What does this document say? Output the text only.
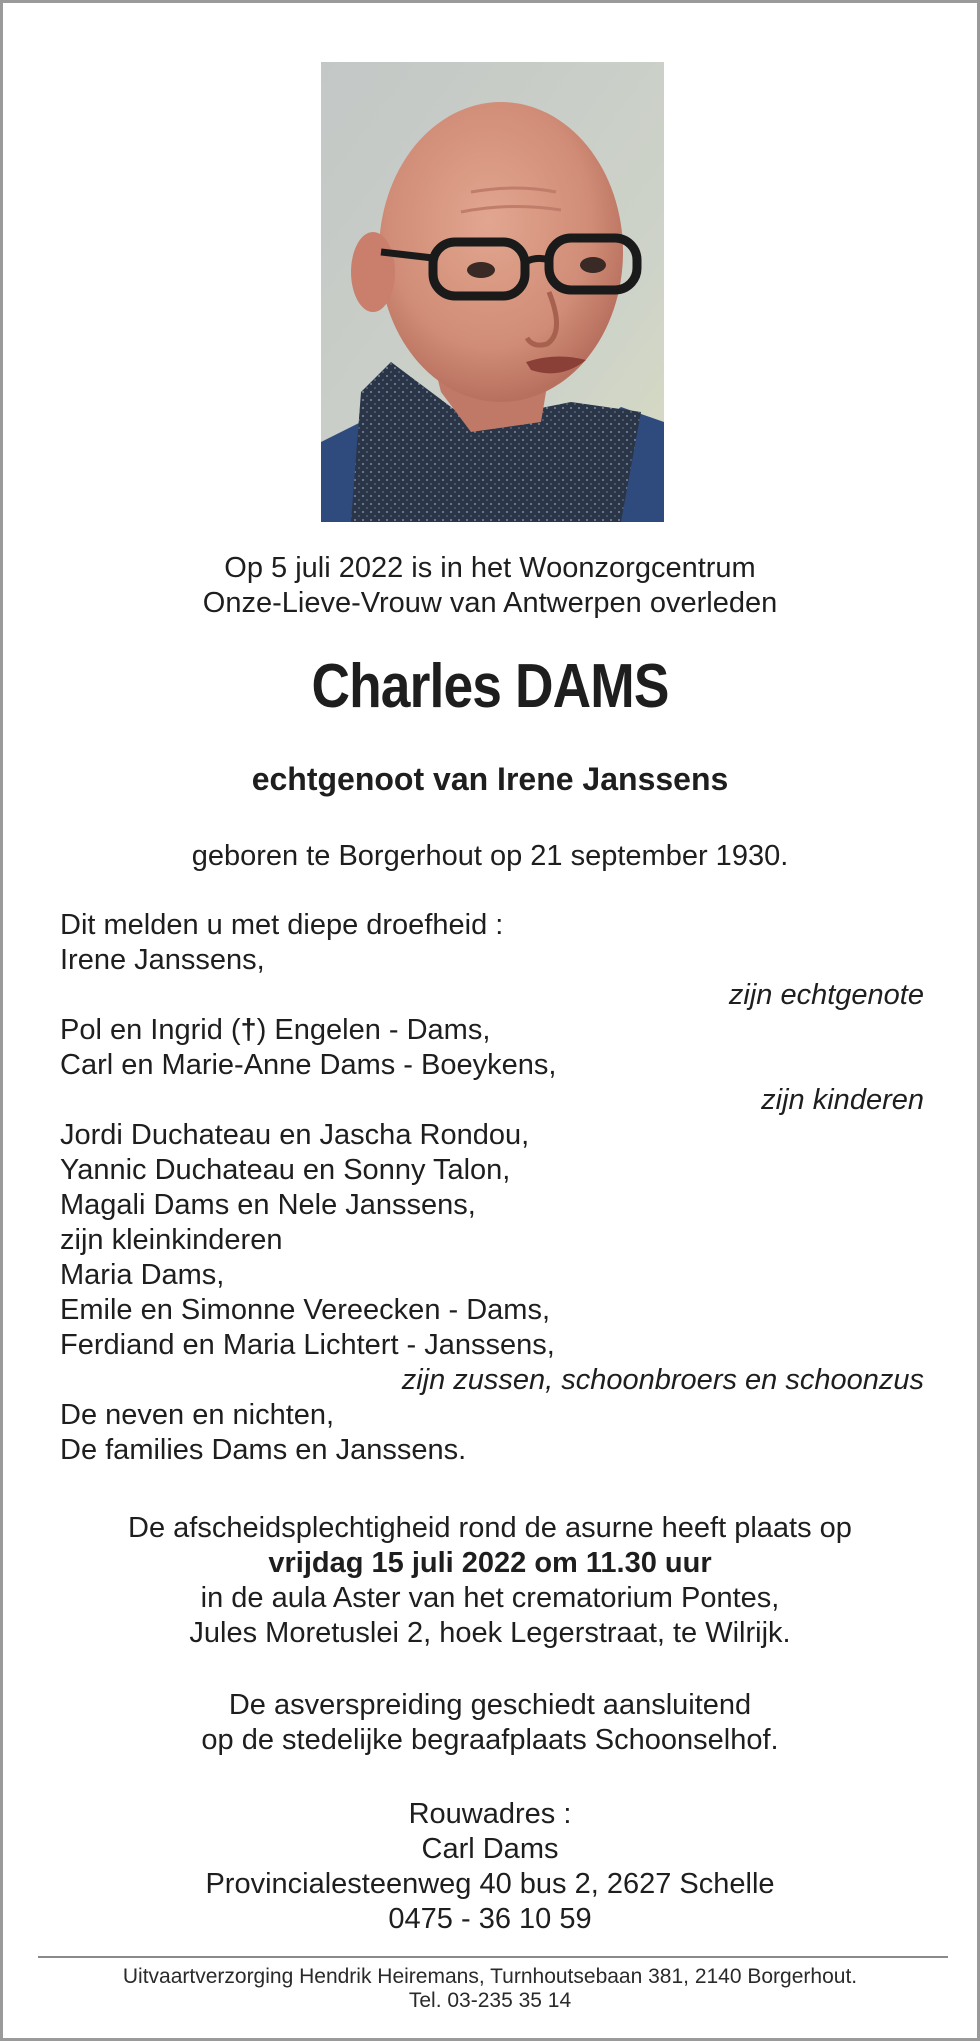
Op 5 juli 2022 is in het Woonzorgcentrum
Onze-Lieve-Vrouw van Antwerpen overleden
Charles DAMS
echtgenoot van Irene Janssens
geboren te Borgerhout op 21 september 1930.
Dit melden u met diepe droefheid :
Irene Janssens,
zijn echtgenote
Pol en Ingrid (†) Engelen - Dams,
Carl en Marie-Anne Dams - Boeykens,
zijn kinderen
Jordi Duchateau en Jascha Rondou,
Yannic Duchateau en Sonny Talon,
Magali Dams en Nele Janssens,
zijn kleinkinderen
Maria Dams,
Emile en Simonne Vereecken - Dams,
Ferdiand en Maria Lichtert - Janssens,
zijn zussen, schoonbroers en schoonzus
De neven en nichten,
De families Dams en Janssens.
De afscheidsplechtigheid rond de asurne heeft plaats op
vrijdag 15 juli 2022 om 11.30 uur
in de aula Aster van het crematorium Pontes,
Jules Moretuslei 2, hoek Legerstraat, te Wilrijk.
De asverspreiding geschiedt aansluitend
op de stedelijke begraafplaats Schoonselhof.
Rouwadres :
Carl Dams
Provincialesteenweg 40 bus 2, 2627 Schelle
0475 - 36 10 59
Uitvaartverzorging Hendrik Heiremans, Turnhoutsebaan 381, 2140 Borgerhout.
Tel. 03-235 35 14
